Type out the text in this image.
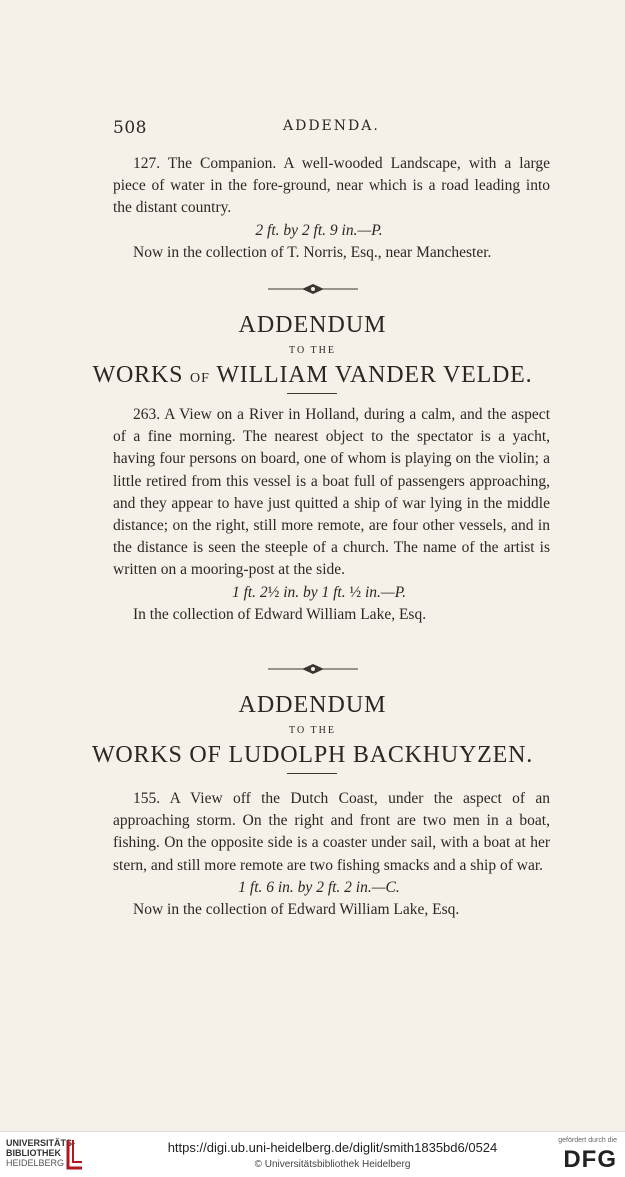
508	ADDENDA.

127. The Companion. A well-wooded Landscape, with a large piece of water in the fore-ground, near which is a road leading into the distant country.

2 ft. by 2 ft. 9 in.—P.

Now in the collection of T. Norris, Esq., near Manchester.

ADDENDUM
TO THE
WORKS OF WILLIAM VANDER VELDE.

263. A View on a River in Holland, during a calm, and the aspect of a fine morning. The nearest object to the spectator is a yacht, having four persons on board, one of whom is playing on the violin; a little retired from this vessel is a boat full of passengers approaching, and they appear to have just quitted a ship of war lying in the middle distance; on the right, still more remote, are four other vessels, and in the distance is seen the steeple of a church. The name of the artist is written on a mooring-post at the side.

1 ft. 2½ in. by 1 ft. ½ in.—P.

In the collection of Edward William Lake, Esq.

ADDENDUM
TO THE
WORKS OF LUDOLPH BACKHUYZEN.

155. A View off the Dutch Coast, under the aspect of an approaching storm. On the right and front are two men in a boat, fishing. On the opposite side is a coaster under sail, with a boat at her stern, and still more remote are two fishing smacks and a ship of war.

1 ft. 6 in. by 2 ft. 2 in.—C.

Now in the collection of Edward William Lake, Esq.

UNIVERSITÄTS-
BIBLIOTHEK
HEIDELBERG
https://digi.ub.uni-heidelberg.de/diglit/smith1835bd6/0524
© Universitätsbibliothek Heidelberg
gefördert durch die
DFG
